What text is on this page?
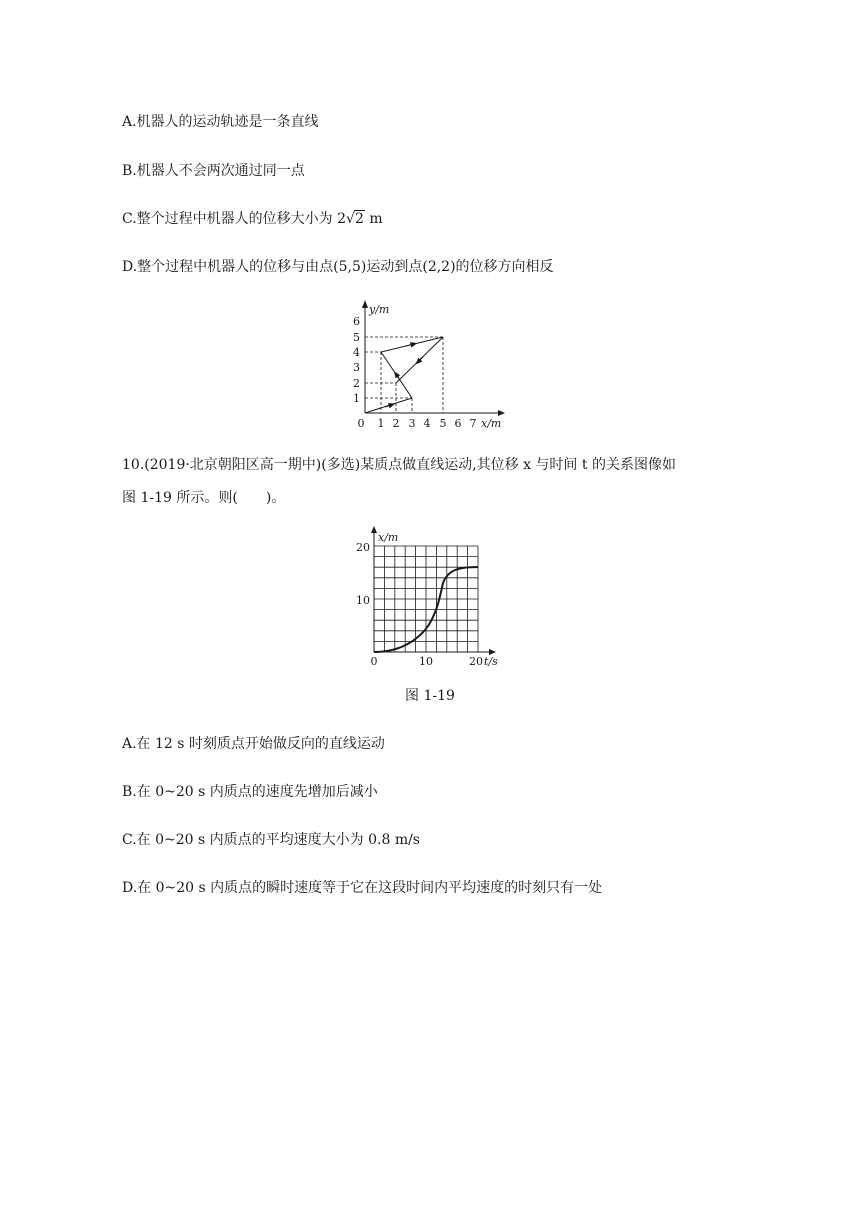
A.机器人的运动轨迹是一条直线
B.机器人不会两次通过同一点
C.整个过程中机器人的位移大小为 2√2 m
D.整个过程中机器人的位移与由点(5,5)运动到点(2,2)的位移方向相反
y/m
x/m
0
1
2
3
4
5
6
1 2 3 4 5 6 7
10.(2019·北京朝阳区高一期中)(多选)某质点做直线运动,其位移 x 与时间 t 的关系图像如
图 1-19 所示。则(　　)。
x/m
t/s
10
20
0	10	20
图 1-19
A.在 12 s 时刻质点开始做反向的直线运动
B.在 0~20 s 内质点的速度先增加后减小
C.在 0~20 s 内质点的平均速度大小为 0.8 m/s
D.在 0~20 s 内质点的瞬时速度等于它在这段时间内平均速度的时刻只有一处
